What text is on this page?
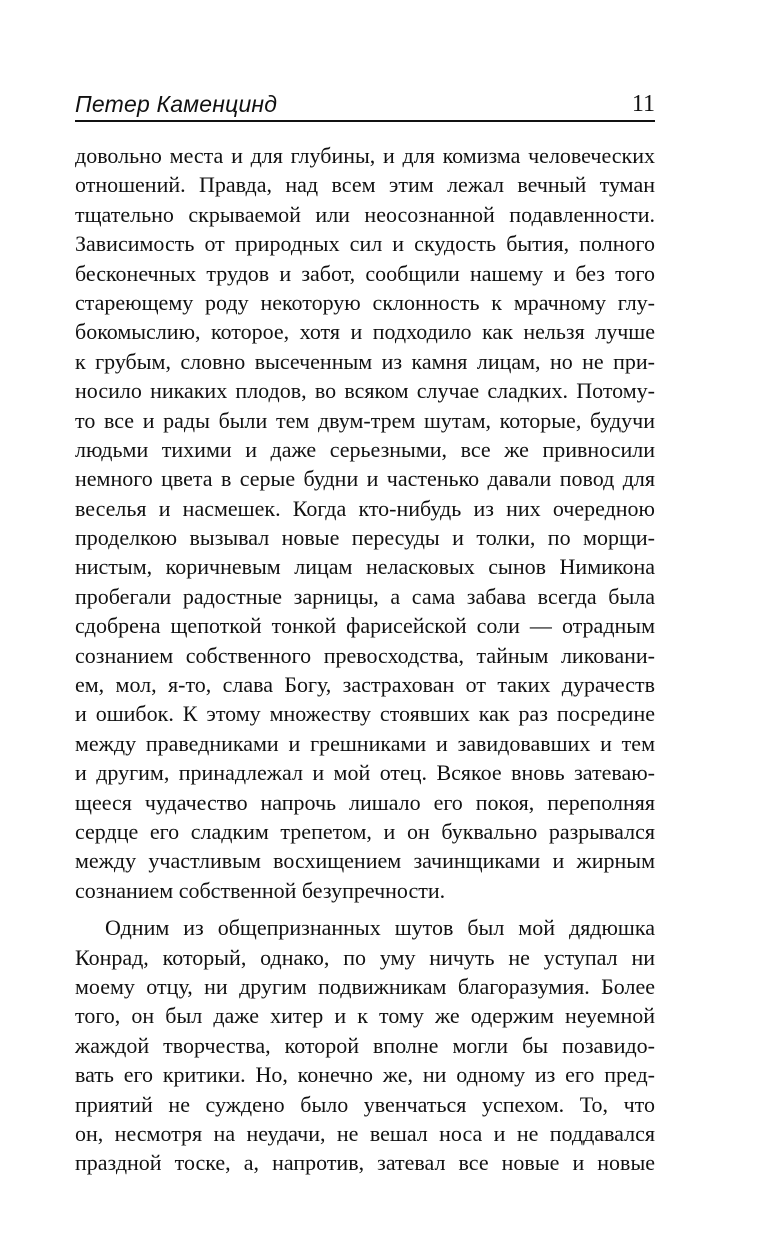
Петер Каменцинд	11
довольно места и для глубины, и для комизма человеческих
отношений. Правда, над всем этим лежал вечный туман
тщательно скрываемой или неосознанной подавленности.
Зависимость от природных сил и скудость бытия, полного
бесконечных трудов и забот, сообщили нашему и без того
стареющему роду некоторую склонность к мрачному глу-
бокомыслию, которое, хотя и подходило как нельзя лучше
к грубым, словно высеченным из камня лицам, но не при-
носило никаких плодов, во всяком случае сладких. Потому-
то все и рады были тем двум-трем шутам, которые, будучи
людьми тихими и даже серьезными, все же привносили
немного цвета в серые будни и частенько давали повод для
веселья и насмешек. Когда кто-нибудь из них очередною
проделкою вызывал новые пересуды и толки, по морщи-
нистым, коричневым лицам неласковых сынов Нимикона
пробегали радостные зарницы, а сама забава всегда была
сдобрена щепоткой тонкой фарисейской соли — отрадным
сознанием собственного превосходства, тайным ликовани-
ем, мол, я-то, слава Богу, застрахован от таких дурачеств
и ошибок. К этому множеству стоявших как раз посредине
между праведниками и грешниками и завидовавших и тем
и другим, принадлежал и мой отец. Всякое вновь затеваю-
щееся чудачество напрочь лишало его покоя, переполняя
сердце его сладким трепетом, и он буквально разрывался
между участливым восхищением зачинщиками и жирным
сознанием собственной безупречности.
Одним из общепризнанных шутов был мой дядюшка
Конрад, который, однако, по уму ничуть не уступал ни
моему отцу, ни другим подвижникам благоразумия. Более
того, он был даже хитер и к тому же одержим неуемной
жаждой творчества, которой вполне могли бы позавидо-
вать его критики. Но, конечно же, ни одному из его пред-
приятий не суждено было увенчаться успехом. То, что
он, несмотря на неудачи, не вешал носа и не поддавался
праздной тоске, а, напротив, затевал все новые и новые
